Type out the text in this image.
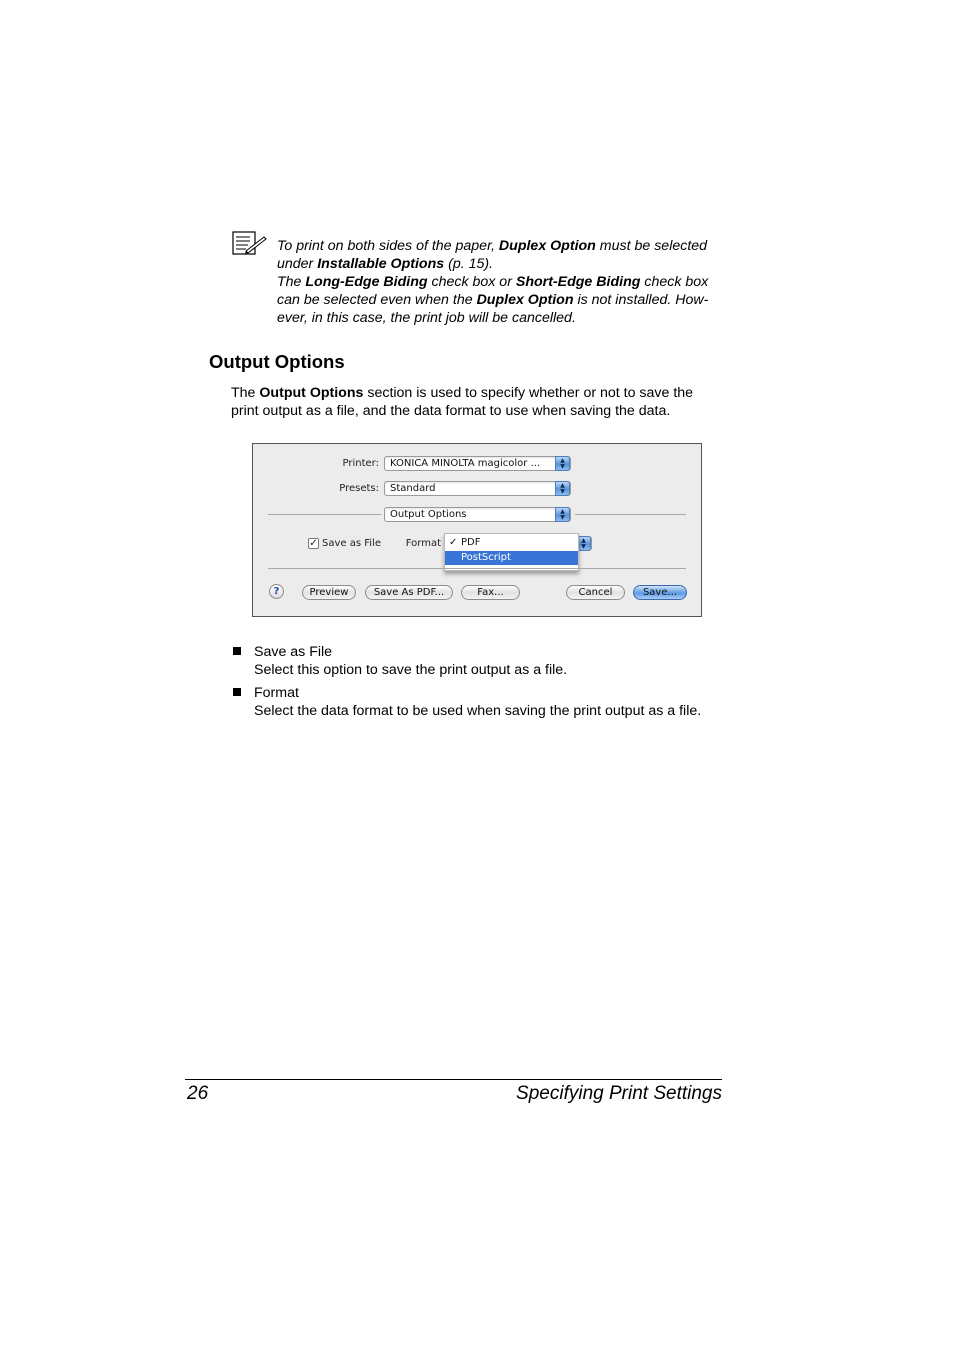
To print on both sides of the paper, Duplex Option must be selected
under Installable Options (p. 15).
The Long-Edge Biding check box or Short-Edge Biding check box
can be selected even when the Duplex Option is not installed. How-
ever, in this case, the print job will be cancelled.
Output Options
The Output Options section is used to specify whether or not to save the
print output as a file, and the data format to use when saving the data.
Printer: KONICA MINOLTA magicolor ...	▲
▼
Presets: Standard	▲
▼
Output Options	▲
▼
✓ Save as File	Format	▲
▼
✓ PDF
PostScript
?	Preview	Save As PDF...	Fax...	Cancel	Save...
Save as File
Select this option to save the print output as a file.
Format
Select the data format to be used when saving the print output as a file.
26	Specifying Print Settings
